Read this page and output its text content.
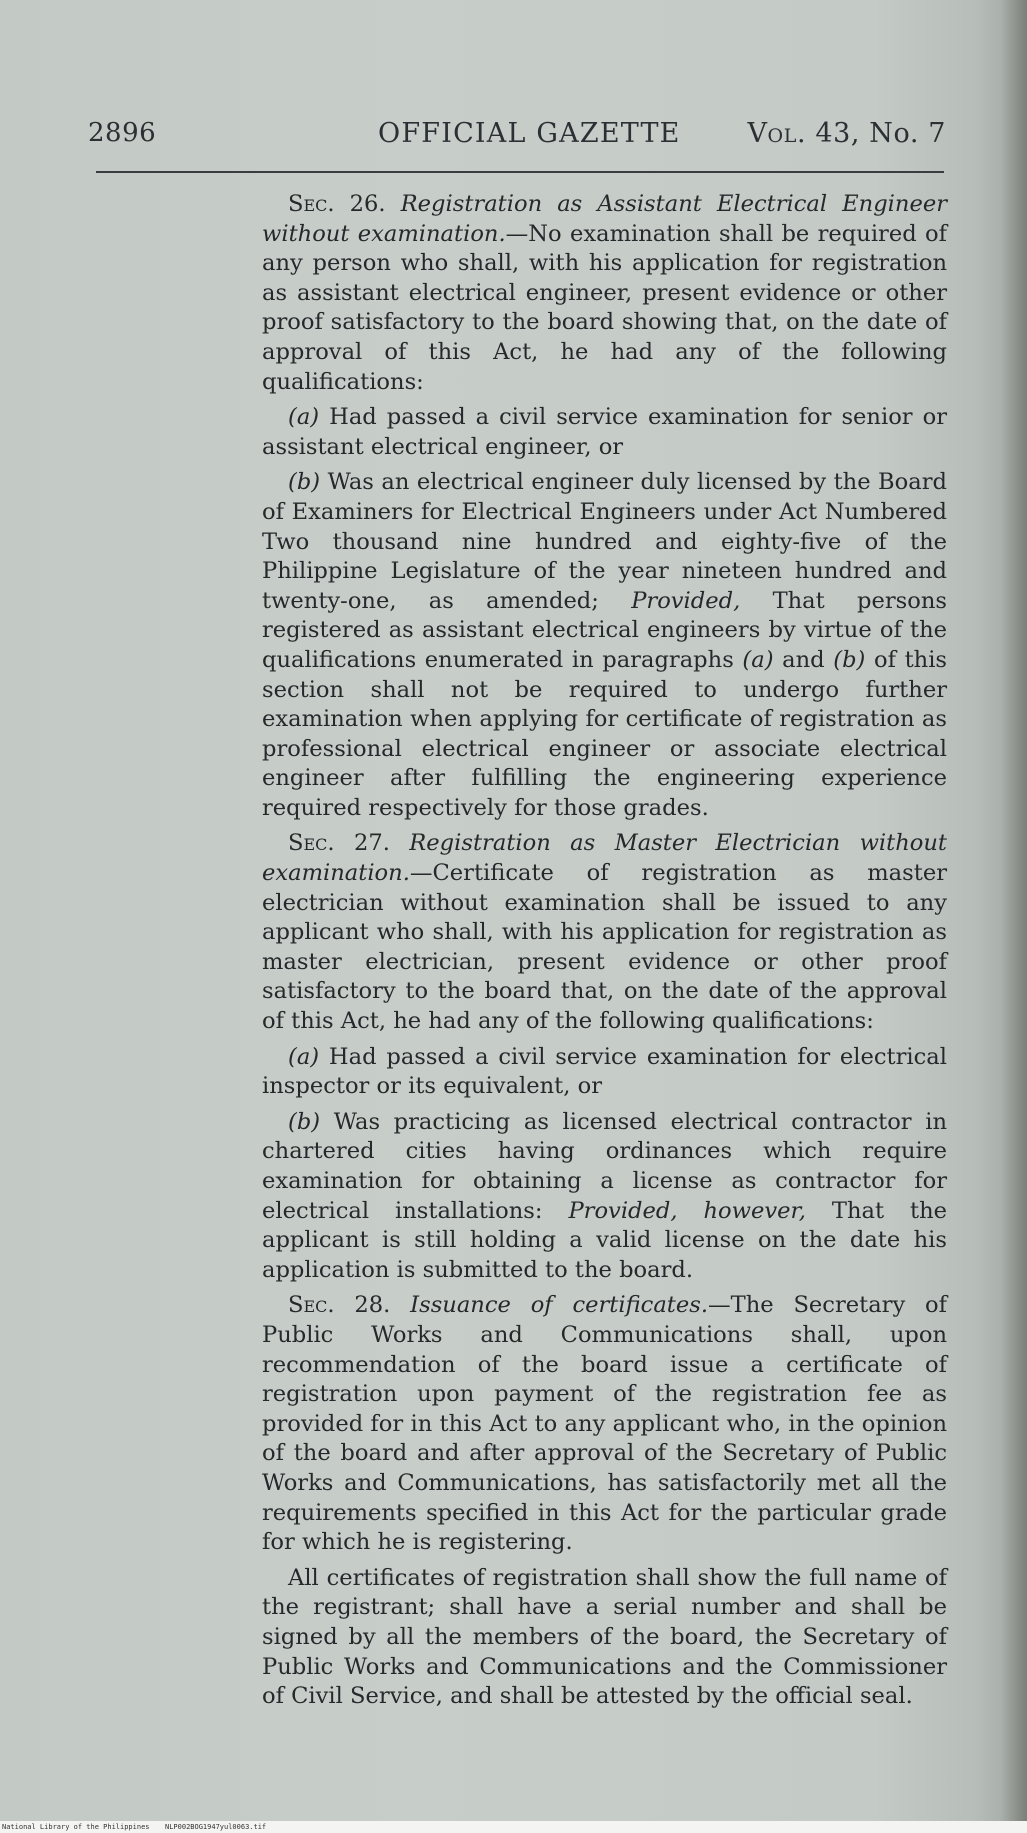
2896	OFFICIAL GAZETTE Vol. 43, No. 7

Sec. 26. Registration as Assistant Electrical Engineer without examination.—No examination shall be required of any person who shall, with his application for registration as assistant electrical engineer, present evidence or other proof satisfactory to the board showing that, on the date of approval of this Act, he had any of the following qualifications:

(a) Had passed a civil service examination for senior or assistant electrical engineer, or

(b) Was an electrical engineer duly licensed by the Board of Examiners for Electrical Engineers under Act Numbered Two thousand nine hundred and eighty-five of the Philippine Legislature of the year nineteen hundred and twenty-one, as amended; Provided, That persons registered as assistant electrical engineers by virtue of the qualifications enumerated in paragraphs (a) and (b) of this section shall not be required to undergo further examination when applying for certificate of registration as professional electrical engineer or associate electrical engineer after fulfilling the engineering experience required respectively for those grades.

Sec. 27. Registration as Master Electrician without examination.—Certificate of registration as master electrician without examination shall be issued to any applicant who shall, with his application for registration as master electrician, present evidence or other proof satisfactory to the board that, on the date of the approval of this Act, he had any of the following qualifications:

(a) Had passed a civil service examination for electrical inspector or its equivalent, or

(b) Was practicing as licensed electrical contractor in chartered cities having ordinances which require examination for obtaining a license as contractor for electrical installations: Provided, however, That the applicant is still holding a valid license on the date his application is submitted to the board.

Sec. 28. Issuance of certificates.—The Secretary of Public Works and Communications shall, upon recommendation of the board issue a certificate of registration upon payment of the registration fee as provided for in this Act to any applicant who, in the opinion of the board and after approval of the Secretary of Public Works and Communications, has satisfactorily met all the requirements specified in this Act for the particular grade for which he is registering.

All certificates of registration shall show the full name of the registrant; shall have a serial number and shall be signed by all the members of the board, the Secretary of Public Works and Communications and the Commissioner of Civil Service, and shall be attested by the official seal.

National Library of the Philippines NLP002BOG1947yul0063.tif
